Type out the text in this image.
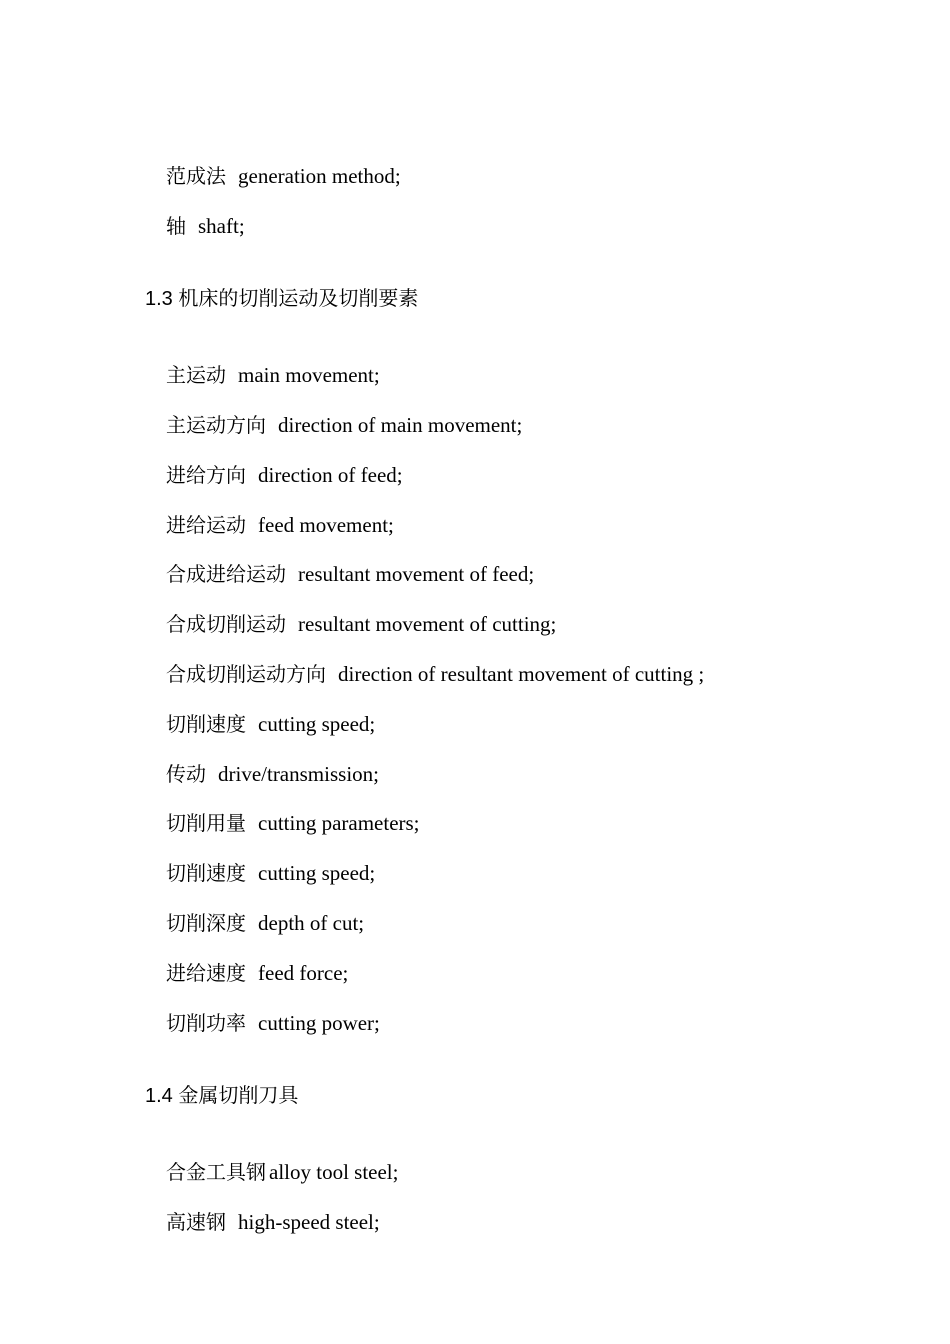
范成法 generation method;

轴 shaft;

1.3 机床的切削运动及切削要素

主运动 main movement;

主运动方向 direction of main movement;

进给方向 direction of feed;

进给运动 feed movement;

合成进给运动 resultant movement of feed;

合成切削运动 resultant movement of cutting;

合成切削运动方向 direction of resultant movement of cutting ;

切削速度 cutting speed;

传动 drive/transmission;

切削用量 cutting parameters;

切削速度 cutting speed;

切削深度 depth of cut;

进给速度 feed force;

切削功率 cutting power;

1.4 金属切削刀具

合金工具钢 alloy tool steel;

高速钢 high-speed steel;
